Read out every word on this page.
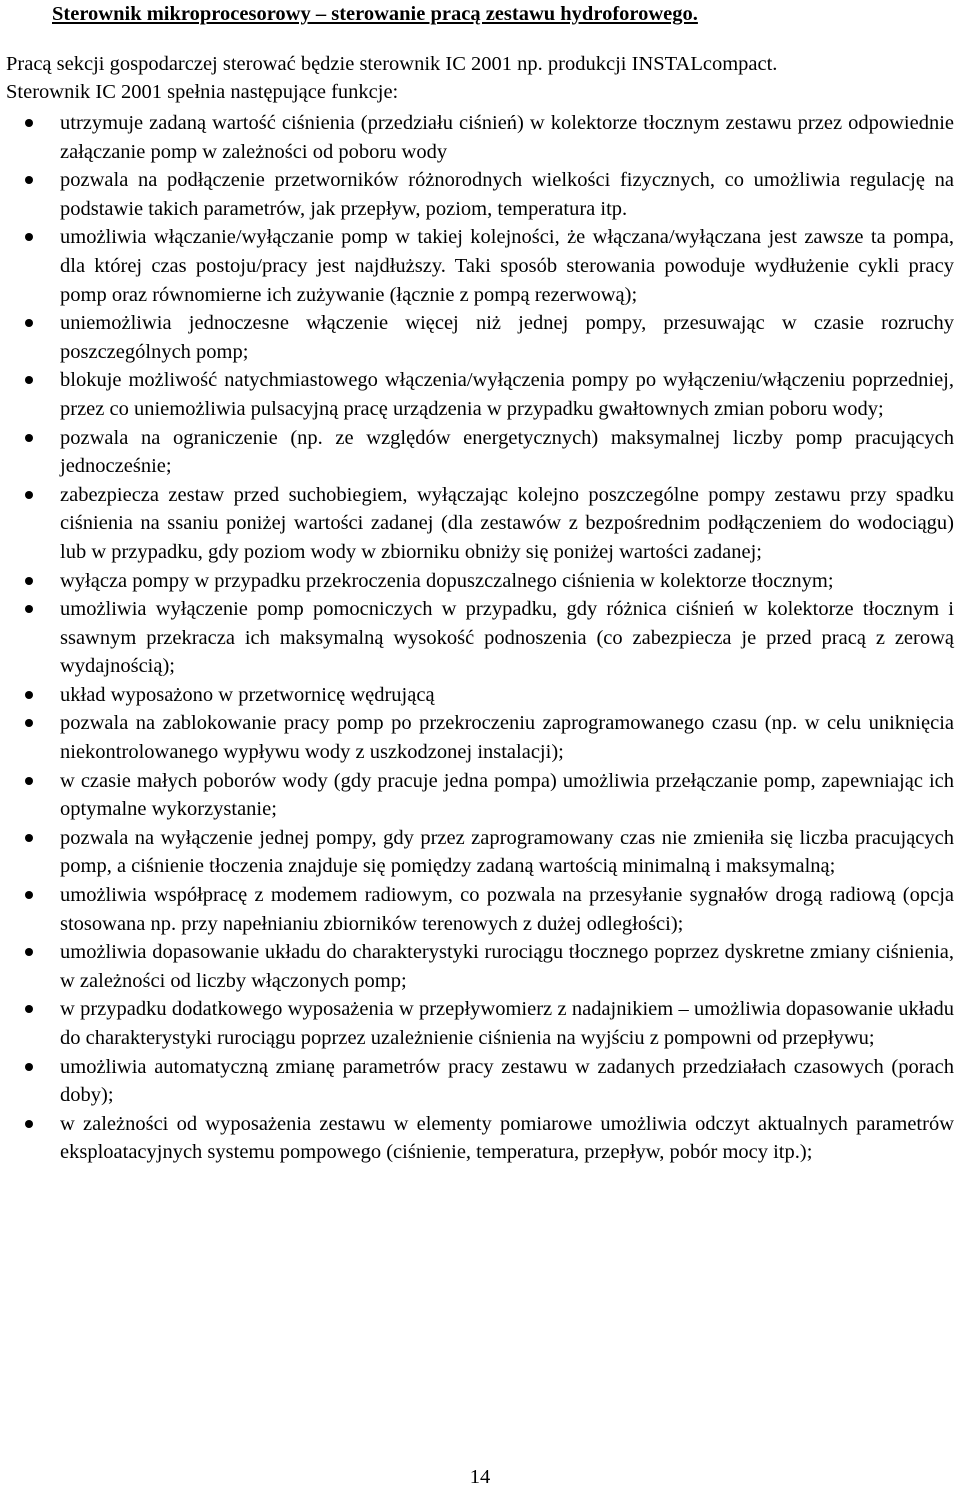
Sterownik mikroprocesorowy – sterowanie pracą zestawu hydroforowego.

Pracą sekcji gospodarczej sterować będzie sterownik IC 2001 np. produkcji INSTALcompact.
Sterownik IC 2001 spełnia następujące funkcje:

utrzymuje zadaną wartość ciśnienia (przedziału ciśnień) w kolektorze tłocznym zestawu przez odpowiednie załączanie pomp w zależności od poboru wody
pozwala na podłączenie przetworników różnorodnych wielkości fizycznych, co umożliwia regulację na podstawie takich parametrów, jak przepływ, poziom, temperatura itp.
umożliwia włączanie/wyłączanie pomp w takiej kolejności, że włączana/wyłączana jest zawsze ta pompa, dla której czas postoju/pracy jest najdłuższy. Taki sposób sterowania powoduje wydłużenie cykli pracy pomp oraz równomierne ich zużywanie (łącznie z pompą rezerwową);
uniemożliwia jednoczesne włączenie więcej niż jednej pompy, przesuwając w czasie rozruchy poszczególnych pomp;
blokuje możliwość natychmiastowego włączenia/wyłączenia pompy po wyłączeniu/włączeniu poprzedniej, przez co uniemożliwia pulsacyjną pracę urządzenia w przypadku gwałtownych zmian poboru wody;
pozwala na ograniczenie (np. ze względów energetycznych) maksymalnej liczby pomp pracujących jednocześnie;
zabezpiecza zestaw przed suchobiegiem, wyłączając kolejno poszczególne pompy zestawu przy spadku ciśnienia na ssaniu poniżej wartości zadanej (dla zestawów z bezpośrednim podłączeniem do wodociągu) lub w przypadku, gdy poziom wody w zbiorniku obniży się poniżej wartości zadanej;
wyłącza pompy w przypadku przekroczenia dopuszczalnego ciśnienia w kolektorze tłocznym;
umożliwia wyłączenie pomp pomocniczych w przypadku, gdy różnica ciśnień w kolektorze tłocznym i ssawnym przekracza ich maksymalną wysokość podnoszenia (co zabezpiecza je przed pracą z zerową wydajnością);
układ wyposażono w przetwornicę wędrującą
pozwala na zablokowanie pracy pomp po przekroczeniu zaprogramowanego czasu (np. w celu uniknięcia niekontrolowanego wypływu wody z uszkodzonej instalacji);
w czasie małych poborów wody (gdy pracuje jedna pompa) umożliwia przełączanie pomp, zapewniając ich optymalne wykorzystanie;
pozwala na wyłączenie jednej pompy, gdy przez zaprogramowany czas nie zmieniła się liczba pracujących pomp, a ciśnienie tłoczenia znajduje się pomiędzy zadaną wartością minimalną i maksymalną;
umożliwia współpracę z modemem radiowym, co pozwala na przesyłanie sygnałów drogą radiową (opcja stosowana np. przy napełnianiu zbiorników terenowych z dużej odległości);
umożliwia dopasowanie układu do charakterystyki rurociągu tłocznego poprzez dyskretne zmiany ciśnienia, w zależności od liczby włączonych pomp;
w przypadku dodatkowego wyposażenia w przepływomierz z nadajnikiem – umożliwia dopasowanie układu do charakterystyki rurociągu poprzez uzależnienie ciśnienia na wyjściu z pompowni od przepływu;
umożliwia automatyczną zmianę parametrów pracy zestawu w zadanych przedziałach czasowych (porach doby);
w zależności od wyposażenia zestawu w elementy pomiarowe umożliwia odczyt aktualnych parametrów eksploatacyjnych systemu pompowego (ciśnienie, temperatura, przepływ, pobór mocy itp.);
14
